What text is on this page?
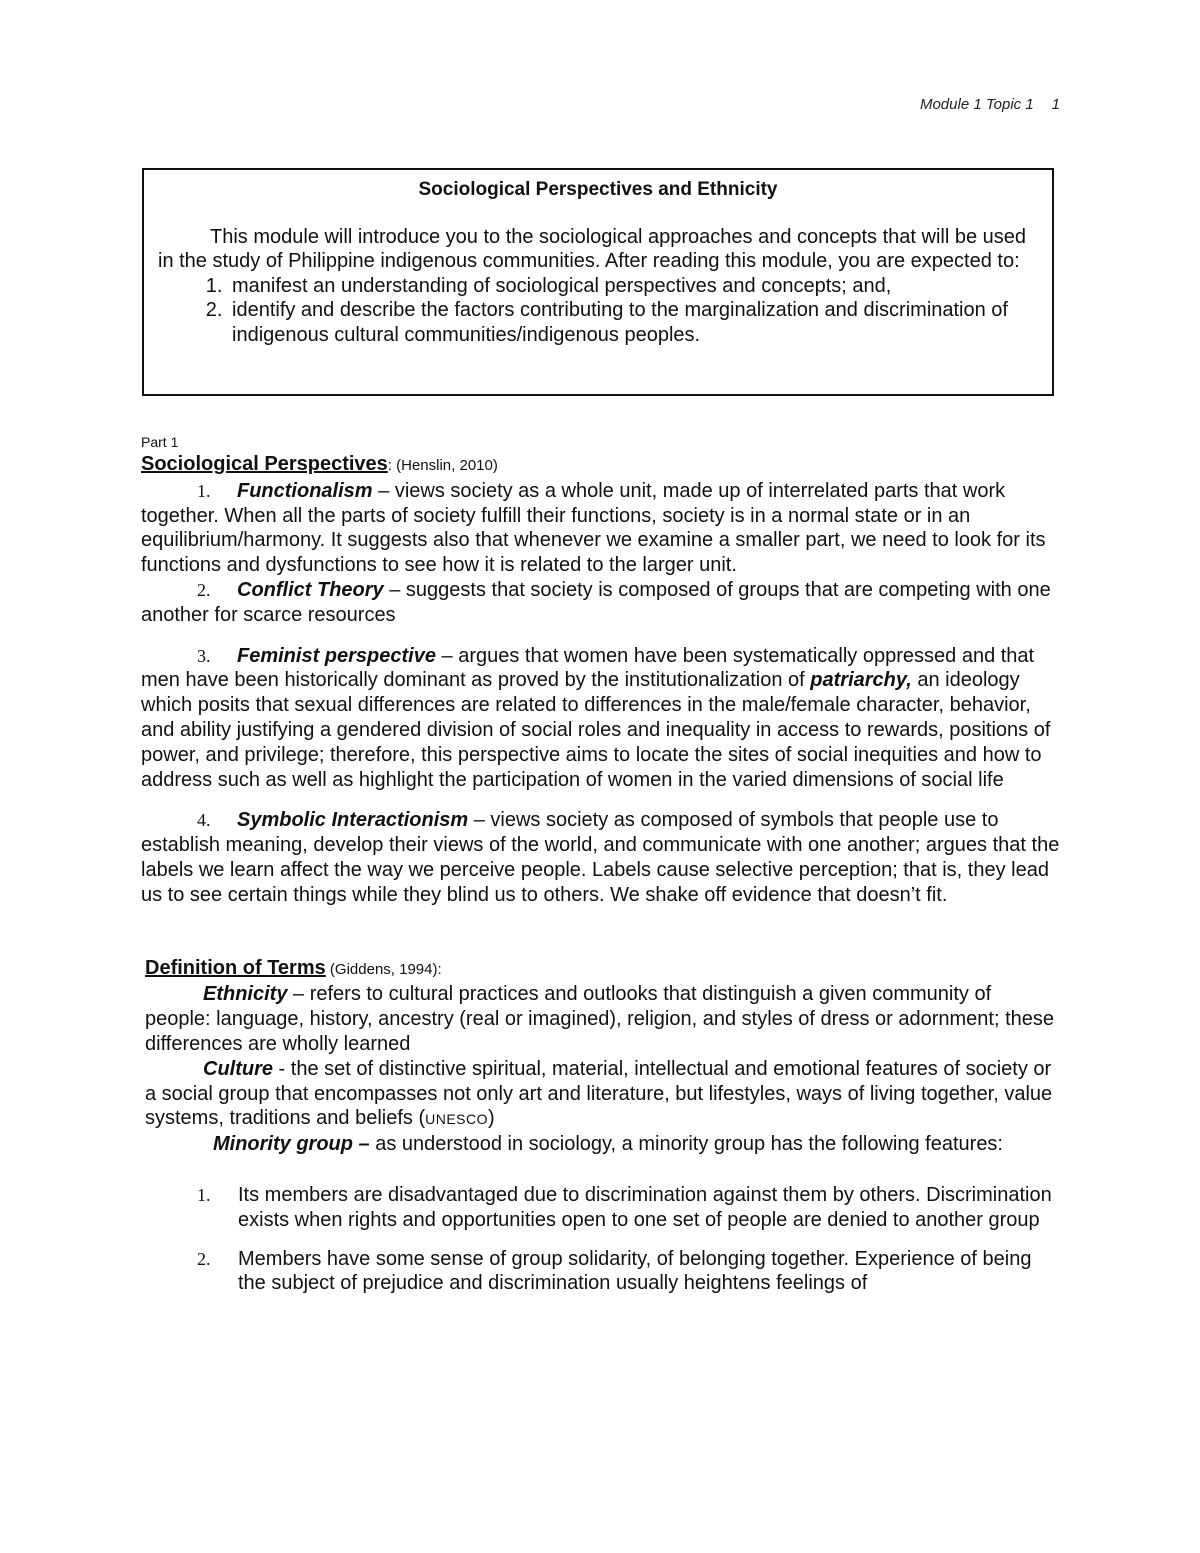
Module 1 Topic 1 1

Sociological Perspectives and Ethnicity

This module will introduce you to the sociological approaches and concepts that will be used in the study of Philippine indigenous communities. After reading this module, you are expected to:

1. manifest an understanding of sociological perspectives and concepts; and,
2. identify and describe the factors contributing to the marginalization and discrimination of indigenous cultural communities/indigenous peoples.

Part 1

Sociological Perspectives: (Henslin, 2010)

1. Functionalism – views society as a whole unit, made up of interrelated parts that work together. When all the parts of society fulfill their functions, society is in a normal state or in an equilibrium/harmony. It suggests also that whenever we examine a smaller part, we need to look for its functions and dysfunctions to see how it is related to the larger unit.

2. Conflict Theory – suggests that society is composed of groups that are competing with one another for scarce resources

3. Feminist perspective – argues that women have been systematically oppressed and that men have been historically dominant as proved by the institutionalization of patriarchy, an ideology which posits that sexual differences are related to differences in the male/female character, behavior, and ability justifying a gendered division of social roles and inequality in access to rewards, positions of power, and privilege; therefore, this perspective aims to locate the sites of social inequities and how to address such as well as highlight the participation of women in the varied dimensions of social life

4. Symbolic Interactionism – views society as composed of symbols that people use to establish meaning, develop their views of the world, and communicate with one another; argues that the labels we learn affect the way we perceive people. Labels cause selective perception; that is, they lead us to see certain things while they blind us to others. We shake off evidence that doesn’t fit.

Definition of Terms (Giddens, 1994):

Ethnicity – refers to cultural practices and outlooks that distinguish a given community of people: language, history, ancestry (real or imagined), religion, and styles of dress or adornment; these differences are wholly learned

Culture - the set of distinctive spiritual, material, intellectual and emotional features of society or a social group that encompasses not only art and literature, but lifestyles, ways of living together, value systems, traditions and beliefs (UNESCO)

Minority group – as understood in sociology, a minority group has the following features:

1. Its members are disadvantaged due to discrimination against them by others. Discrimination exists when rights and opportunities open to one set of people are denied to another group
2. Members have some sense of group solidarity, of belonging together. Experience of being the subject of prejudice and discrimination usually heightens feelings of
